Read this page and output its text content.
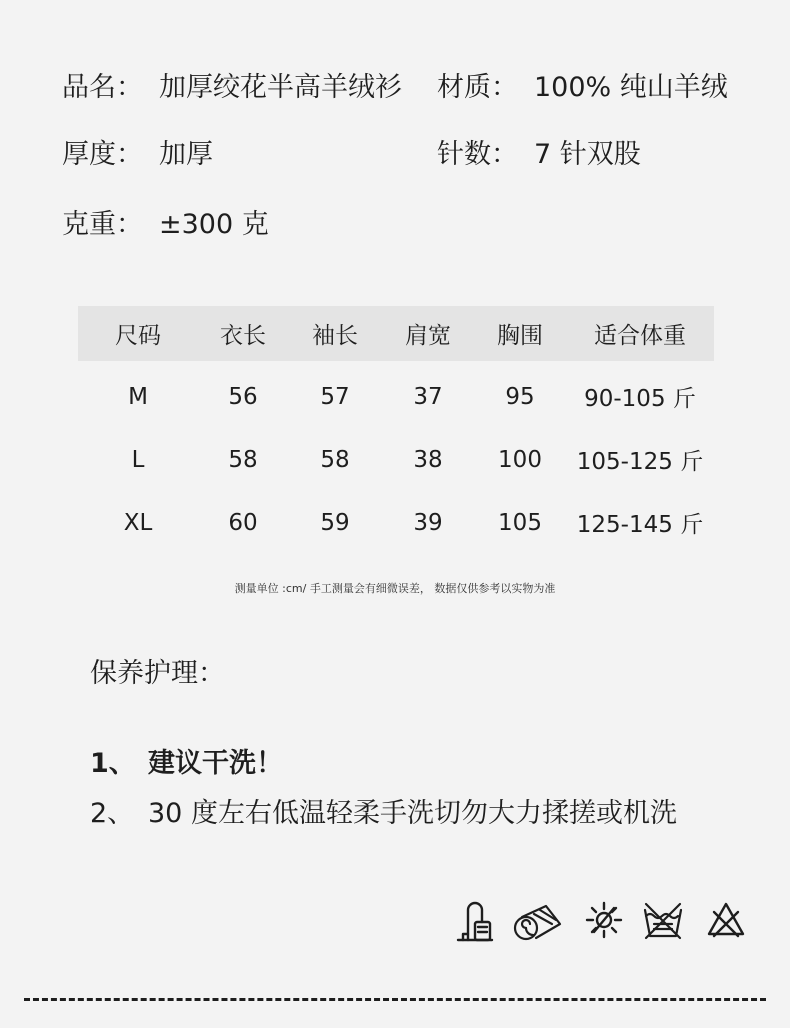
品名： 加厚绞花半高羊绒衫 材质： 100% 纯山羊绒
厚度： 加厚	针数： 7 针双股
克重： ±300 克
尺码	衣长	袖长	肩宽	胸围	适合体重
M	56	57	37	95	90-105 斤
L	58	58	38	100	105-125 斤
XL	60	59	39	105	125-145 斤
测量单位 :cm/ 手工测量会有细微误差， 数据仅供参考以实物为准
保养护理：
1、 建议干洗！
2、 30 度左右低温轻柔手洗切勿大力揉搓或机洗
